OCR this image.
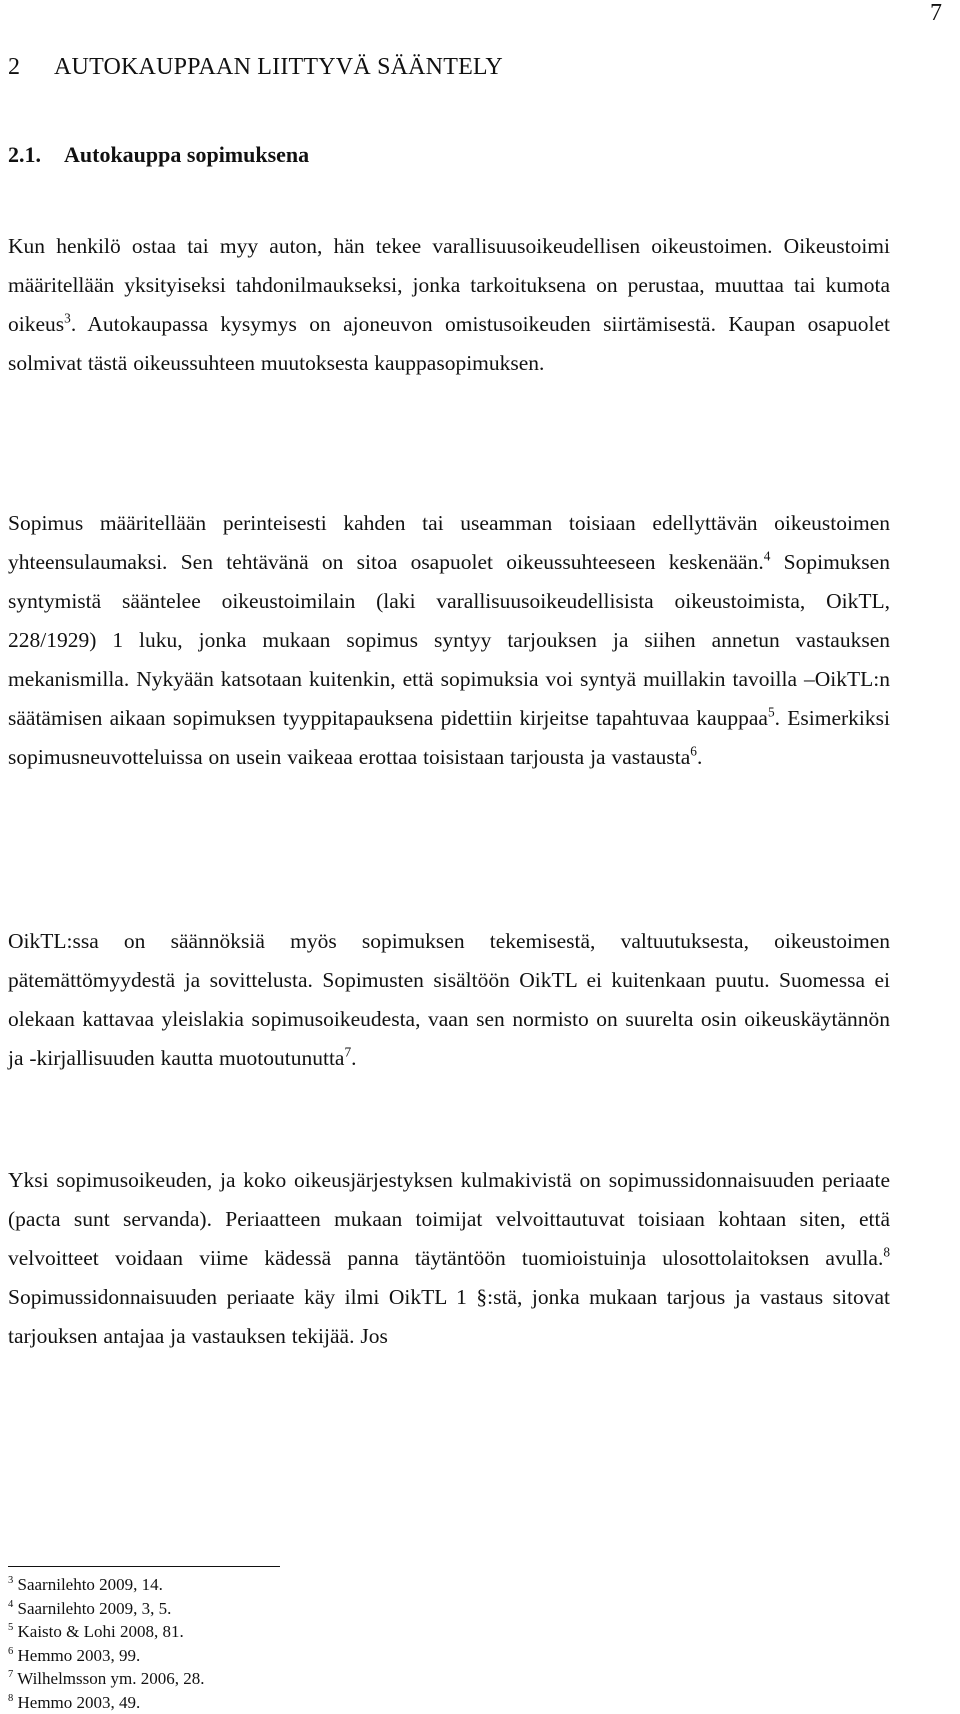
7
2 AUTOKAUPPAAN LIITTYVÄ SÄÄNTELY
2.1. Autokauppa sopimuksena

Kun henkilö ostaa tai myy auton, hän tekee varallisuusoikeudellisen oikeustoimen. Oikeustoimi määritellään yksityiseksi tahdonilmaukseksi, jonka tarkoituksena on perustaa, muuttaa tai kumota oikeus$^3$. Autokaupassa kysymys on ajoneuvon omistusoikeuden siirtämisestä. Kaupan osapuolet solmivat tästä oikeussuhteen muutoksesta kauppasopimuksen.

Sopimus määritellään perinteisesti kahden tai useamman toisiaan edellyttävän oikeustoimen yhteensulaumaksi. Sen tehtävänä on sitoa osapuolet oikeussuhteeseen keskenään.$^4$ Sopimuksen syntymistä sääntelee oikeustoimilain (laki varallisuusoikeudellisista oikeustoimista, OikTL, 228/1929) 1 luku, jonka mukaan sopimus syntyy tarjouksen ja siihen annetun vastauksen mekanismilla. Nykyään katsotaan kuitenkin, että sopimuksia voi syntyä muillakin tavoilla –OikTL:n säätämisen aikaan sopimuksen tyyppitapauksena pidettiin kirjeitse tapahtuvaa kauppaa$^5$. Esimerkiksi sopimusneuvotteluissa on usein vaikeaa erottaa toisistaan tarjousta ja vastausta$^6$.

OikTL:ssa on säännöksiä myös sopimuksen tekemisestä, valtuutuksesta, oikeustoimen pätemättömyydestä ja sovittelusta. Sopimusten sisältöön OikTL ei kuitenkaan puutu. Suomessa ei olekaan kattavaa yleislakia sopimusoikeudesta, vaan sen normisto on suurelta osin oikeuskäytännön ja -kirjallisuuden kautta muotoutunutta$^7$.

Yksi sopimusoikeuden, ja koko oikeusjärjestyksen kulmakivistä on sopimussidonnaisuuden periaate (pacta sunt servanda). Periaatteen mukaan toimijat velvoittautuvat toisiaan kohtaan siten, että velvoitteet voidaan viime kädessä panna täytäntöön tuomioistuinja ulosottolaitoksen avulla.$^8$ Sopimussidonnaisuuden periaate käy ilmi OikTL 1 §:stä, jonka mukaan tarjous ja vastaus sitovat tarjouksen antajaa ja vastauksen tekijää. Jos

$^3$ Saarnilehto 2009, 14.
$^4$ Saarnilehto 2009, 3, 5.
$^5$ Kaisto & Lohi 2008, 81.
$^6$ Hemmo 2003, 99.
$^7$ Wilhelmsson ym. 2006, 28.
$^8$ Hemmo 2003, 49.
